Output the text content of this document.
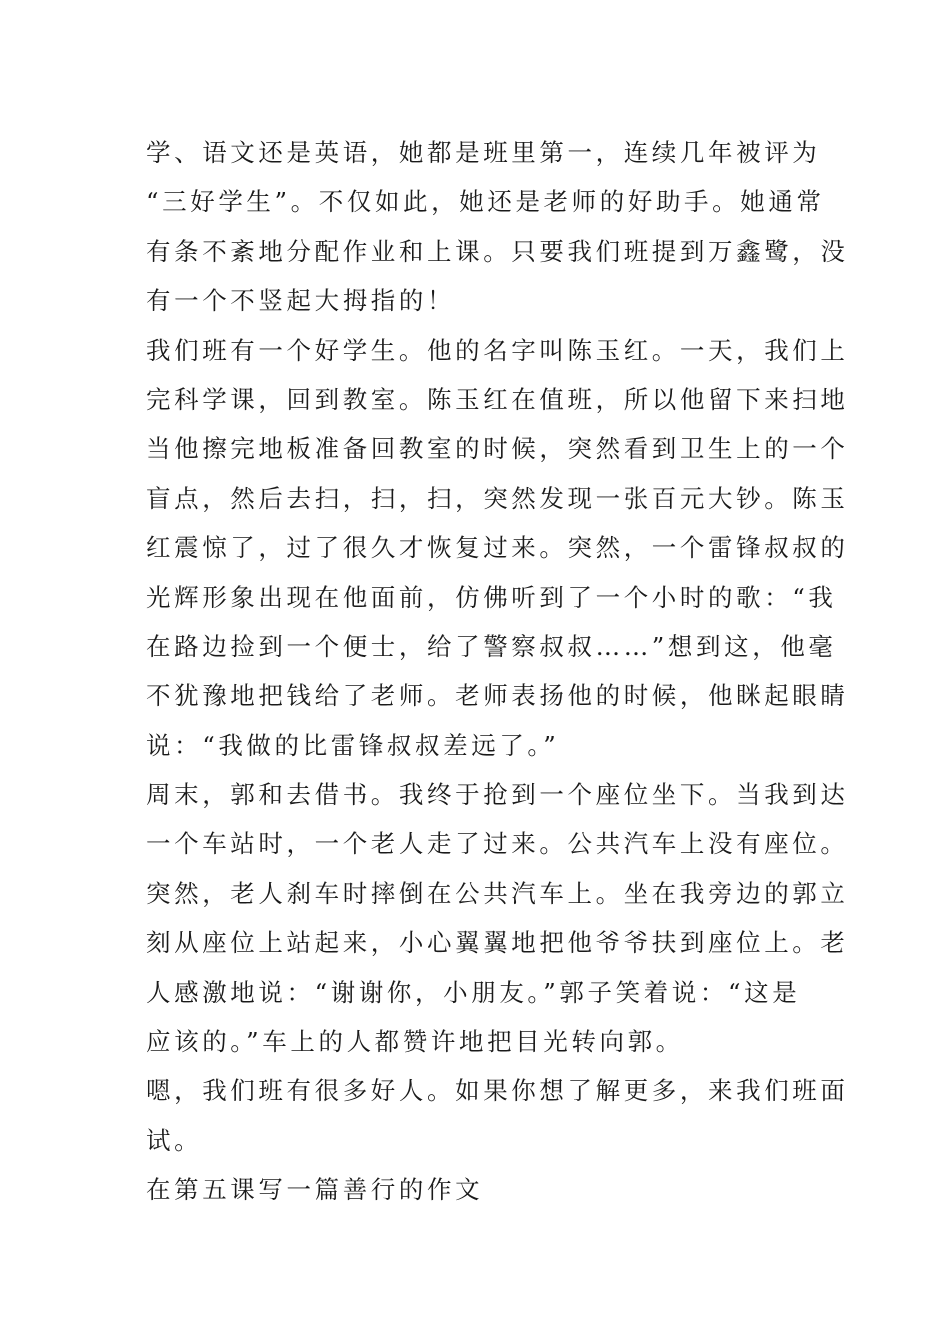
学、语文还是英语，她都是班里第一，连续几年被评为
“三好学生”。不仅如此，她还是老师的好助手。她通常
有条不紊地分配作业和上课。只要我们班提到万鑫鹭，没
有一个不竖起大拇指的！
我们班有一个好学生。他的名字叫陈玉红。一天，我们上
完科学课，回到教室。陈玉红在值班，所以他留下来扫地
当他擦完地板准备回教室的时候，突然看到卫生上的一个
盲点，然后去扫，扫，扫，突然发现一张百元大钞。陈玉
红震惊了，过了很久才恢复过来。突然，一个雷锋叔叔的
光辉形象出现在他面前，仿佛听到了一个小时的歌：“我
在路边捡到一个便士，给了警察叔叔……”想到这，他毫
不犹豫地把钱给了老师。老师表扬他的时候，他眯起眼睛
说：“我做的比雷锋叔叔差远了。”
周末，郭和去借书。我终于抢到一个座位坐下。当我到达
一个车站时，一个老人走了过来。公共汽车上没有座位。
突然，老人刹车时摔倒在公共汽车上。坐在我旁边的郭立
刻从座位上站起来，小心翼翼地把他爷爷扶到座位上。老
人感激地说：“谢谢你，小朋友。”郭子笑着说：“这是
应该的。”车上的人都赞许地把目光转向郭。
嗯，我们班有很多好人。如果你想了解更多，来我们班面
试。
在第五课写一篇善行的作文
